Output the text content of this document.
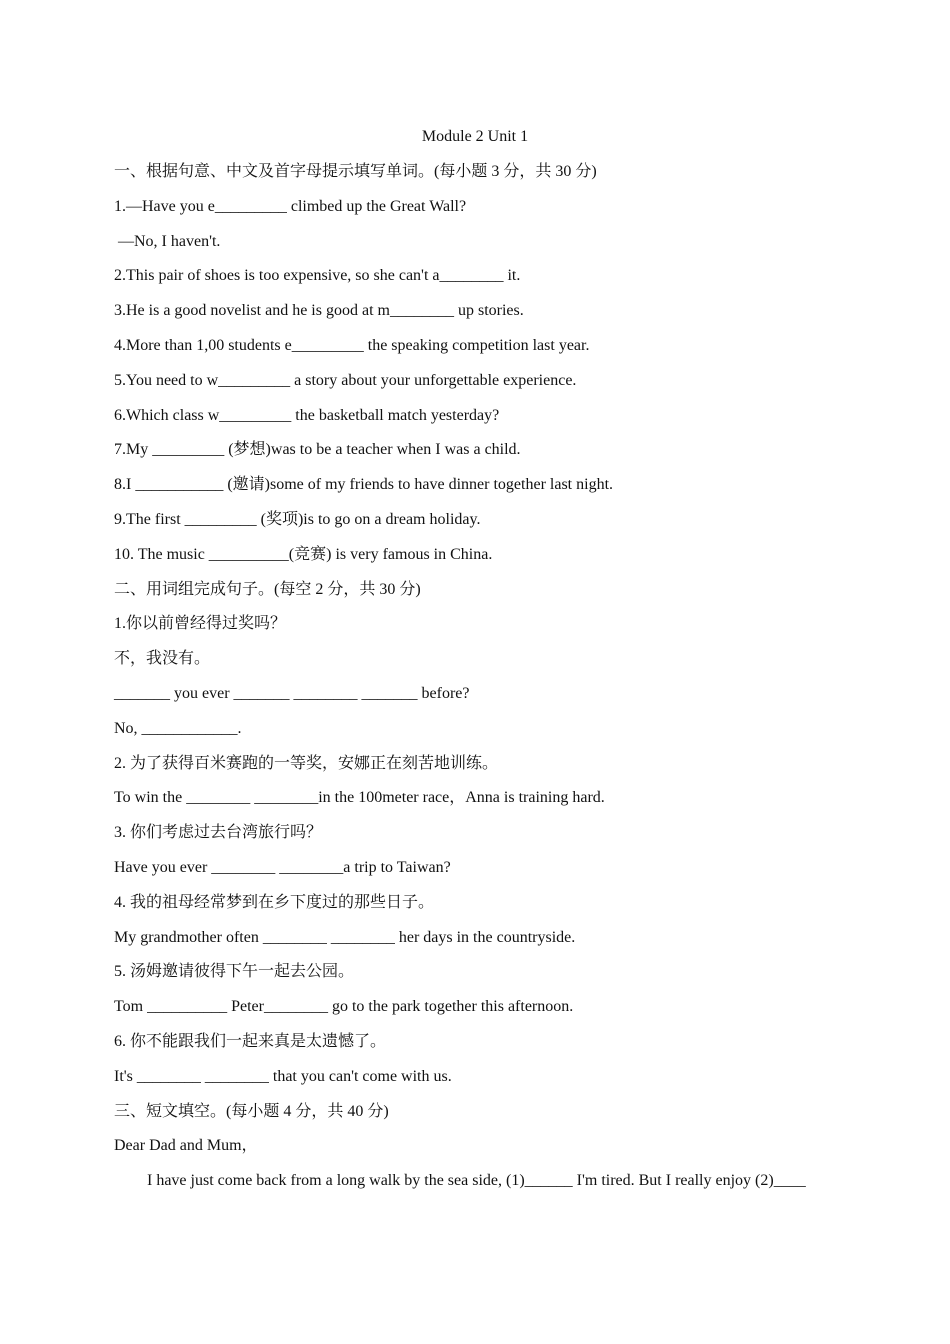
Module 2 Unit 1
一、根据句意、中文及首字母提示填写单词。(每小题 3 分，共 30 分)
1.—Have you e_________ climbed up the Great Wall?
—No, I haven't.
2.This pair of shoes is too expensive, so she can't a________ it.
3.He is a good novelist and he is good at m________ up stories.
4.More than 1,00 students e_________ the speaking competition last year.
5.You need to w_________ a story about your unforgettable experience.
6.Which class w_________ the basketball match yesterday?
7.My _________ (梦想)was to be a teacher when I was a child.
8.I ___________ (邀请)some of my friends to have dinner together last night.
9.The first _________ (奖项)is to go on a dream holiday.
10. The music __________(竞赛) is very famous in China.
二、用词组完成句子。(每空 2 分，共 30 分)
1.你以前曾经得过奖吗？
不，我没有。
_______ you ever _______ ________ _______ before?
No, ____________.
2. 为了获得百米赛跑的一等奖，安娜正在刻苦地训练。
To win the ________ ________in the 100meter race，Anna is training hard.
3. 你们考虑过去台湾旅行吗？
Have you ever ________ ________a trip to Taiwan?
4. 我的祖母经常梦到在乡下度过的那些日子。
My grandmother often ________ ________ her days in the countryside.
5. 汤姆邀请彼得下午一起去公园。
Tom __________ Peter________ go to the park together this afternoon.
6. 你不能跟我们一起来真是太遗憾了。
It's ________ ________ that you can't come with us.
三、短文填空。(每小题 4 分，共 40 分)
Dear Dad and Mum，
I have just come back from a long walk by the sea side, (1)______ I'm tired. But I really enjoy (2)____
